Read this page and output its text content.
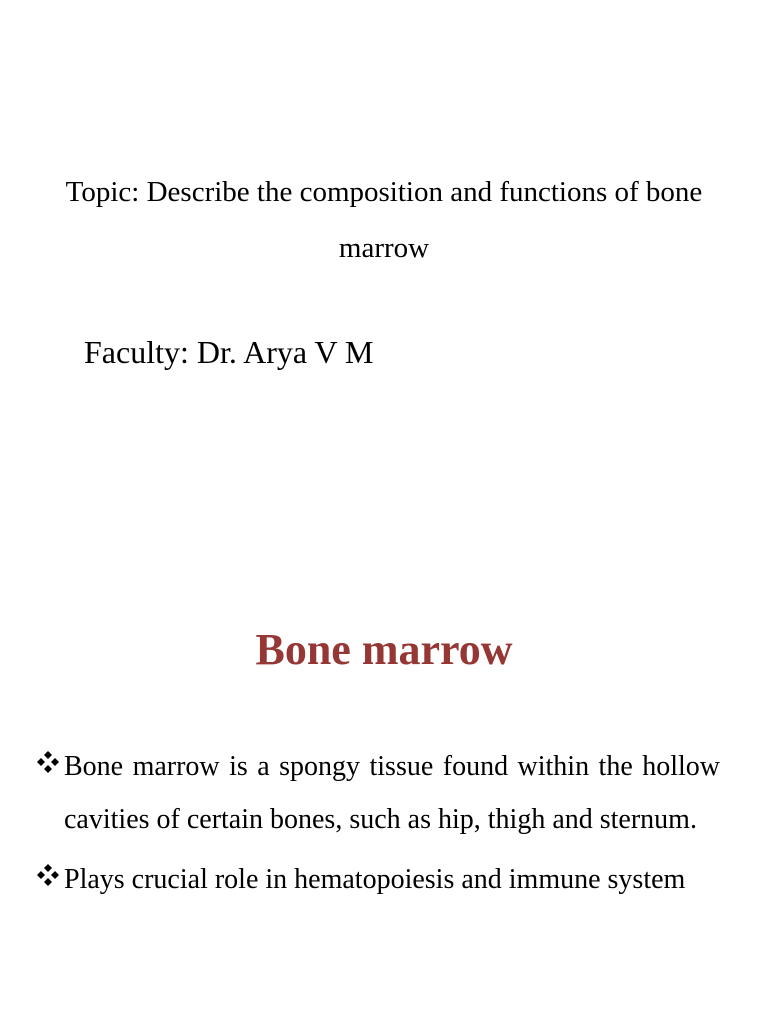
Topic: Describe the composition and functions of bone marrow
Faculty: Dr. Arya V M
Bone marrow
Bone marrow is a spongy tissue found within the hollow cavities of certain bones, such as hip, thigh and sternum.
Plays crucial role in hematopoiesis and immune system
